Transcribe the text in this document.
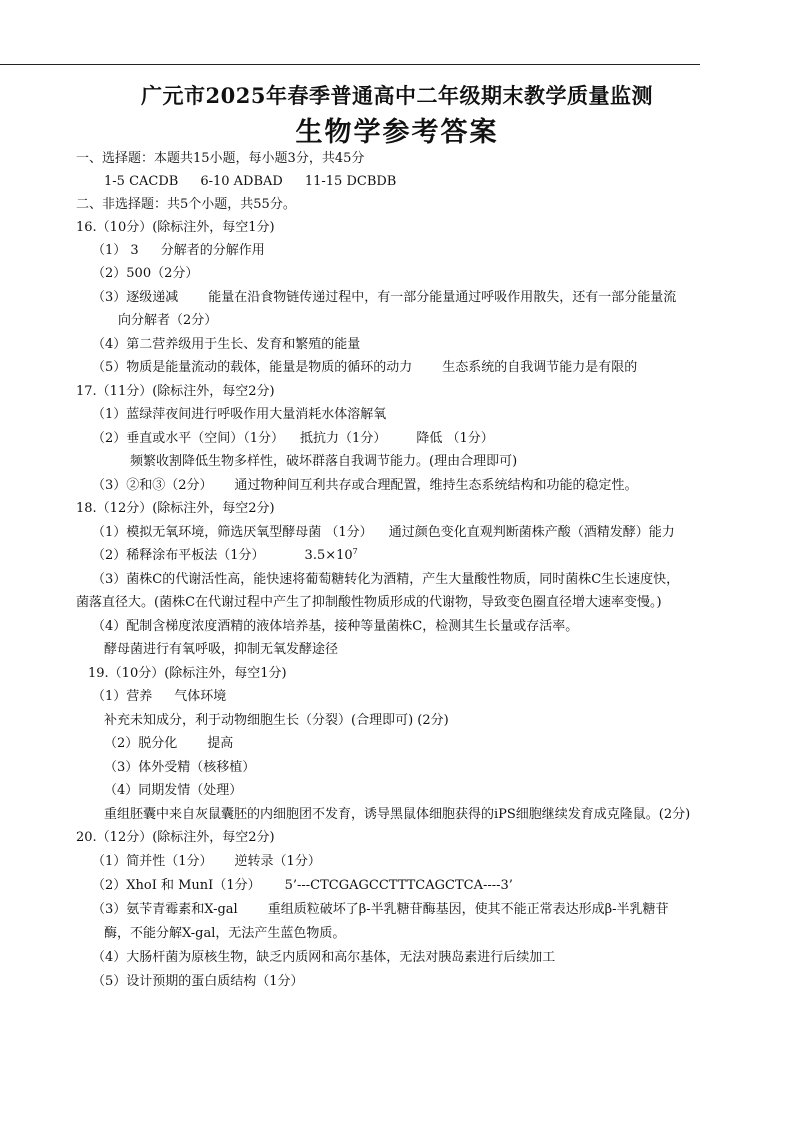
广元市2025年春季普通高中二年级期末教学质量监测
生物学参考答案
一、选择题：本题共15小题，每小题3分，共45分
1-5 CACDB 6-10 ADBAD 11-15 DCBDB
二、非选择题：共5个小题，共55分。
16.（10分）(除标注外，每空1分)
（1） 3 分解者的分解作用
（2）500（2分）
（3）逐级递减 能量在沿食物链传递过程中，有一部分能量通过呼吸作用散失，还有一部分能量流
向分解者（2分）
（4）第二营养级用于生长、发育和繁殖的能量
（5）物质是能量流动的载体，能量是物质的循环的动力 生态系统的自我调节能力是有限的
17.（11分）(除标注外，每空2分)
（1）蓝绿萍夜间进行呼吸作用大量消耗水体溶解氧
（2）垂直或水平（空间）（1分） 抵抗力（1分） 降低 （1分）
频繁收割降低生物多样性，破坏群落自我调节能力。(理由合理即可)
（3）②和③（2分） 通过物种间互利共存或合理配置，维持生态系统结构和功能的稳定性。
18.（12分）(除标注外，每空2分)
（1）模拟无氧环境，筛选厌氧型酵母菌 （1分） 通过颜色变化直观判断菌株产酸（酒精发酵）能力
（2）稀释涂布平板法（1分）	$3.5\times 10^7$
（3）菌株C的代谢活性高，能快速将葡萄糖转化为酒精，产生大量酸性物质，同时菌株C生长速度快，
菌落直径大。(菌株C在代谢过程中产生了抑制酸性物质形成的代谢物，导致变色圈直径增大速率变慢。)
（4）配制含梯度浓度酒精的液体培养基，接种等量菌株C，检测其生长量或存活率。
酵母菌进行有氧呼吸，抑制无氧发酵途径
19.（10分）(除标注外，每空1分)
（1）营养 气体环境
补充未知成分，利于动物细胞生长（分裂）(合理即可) (2分)
（2）脱分化 提高
（3）体外受精（核移植）
（4）同期发情（处理）
重组胚囊中来自灰鼠囊胚的内细胞团不发育，诱导黑鼠体细胞获得的iPS细胞继续发育成克隆鼠。(2分)
20.（12分）(除标注外，每空2分)
（1）简并性（1分） 逆转录（1分）
（2）XhoI 和 MunI（1分） 5’---CTCGAGCCTTTCAGCTCA----3’
（3）氨苄青霉素和X-gal 重组质粒破坏了β-半乳糖苷酶基因，使其不能正常表达形成β-半乳糖苷
酶，不能分解X-gal，无法产生蓝色物质。
（4）大肠杆菌为原核生物，缺乏内质网和高尔基体，无法对胰岛素进行后续加工
（5）设计预期的蛋白质结构（1分）
